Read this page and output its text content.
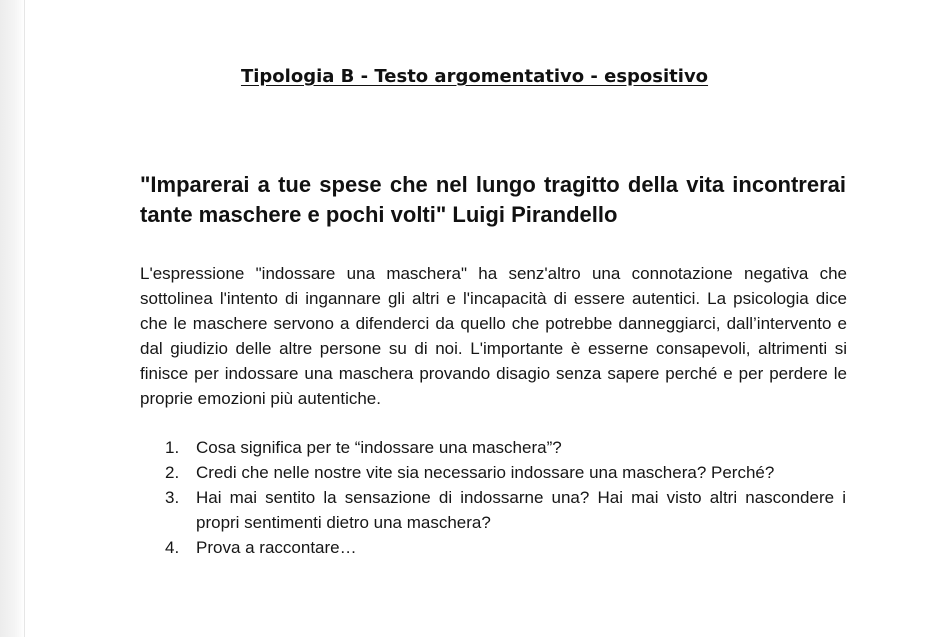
Tipologia B - Testo argomentativo - espositivo
"Imparerai a tue spese che nel lungo tragitto della vita incontrerai tante maschere e pochi volti" Luigi Pirandello
L'espressione "indossare una maschera" ha senz'altro una connotazione negativa che sottolinea l'intento di ingannare gli altri e l'incapacità di essere autentici. La psicologia dice che le maschere servono a difenderci da quello che potrebbe danneggiarci, dall’intervento e dal giudizio delle altre persone su di noi. L'importante è esserne consapevoli, altrimenti si finisce per indossare una maschera provando disagio senza sapere perché e per perdere le proprie emozioni più autentiche.
1. Cosa significa per te “indossare una maschera”?
2. Credi che nelle nostre vite sia necessario indossare una maschera? Perché?
3. Hai mai sentito la sensazione di indossarne una? Hai mai visto altri nascondere i propri sentimenti dietro una maschera?
4. Prova a raccontare…
